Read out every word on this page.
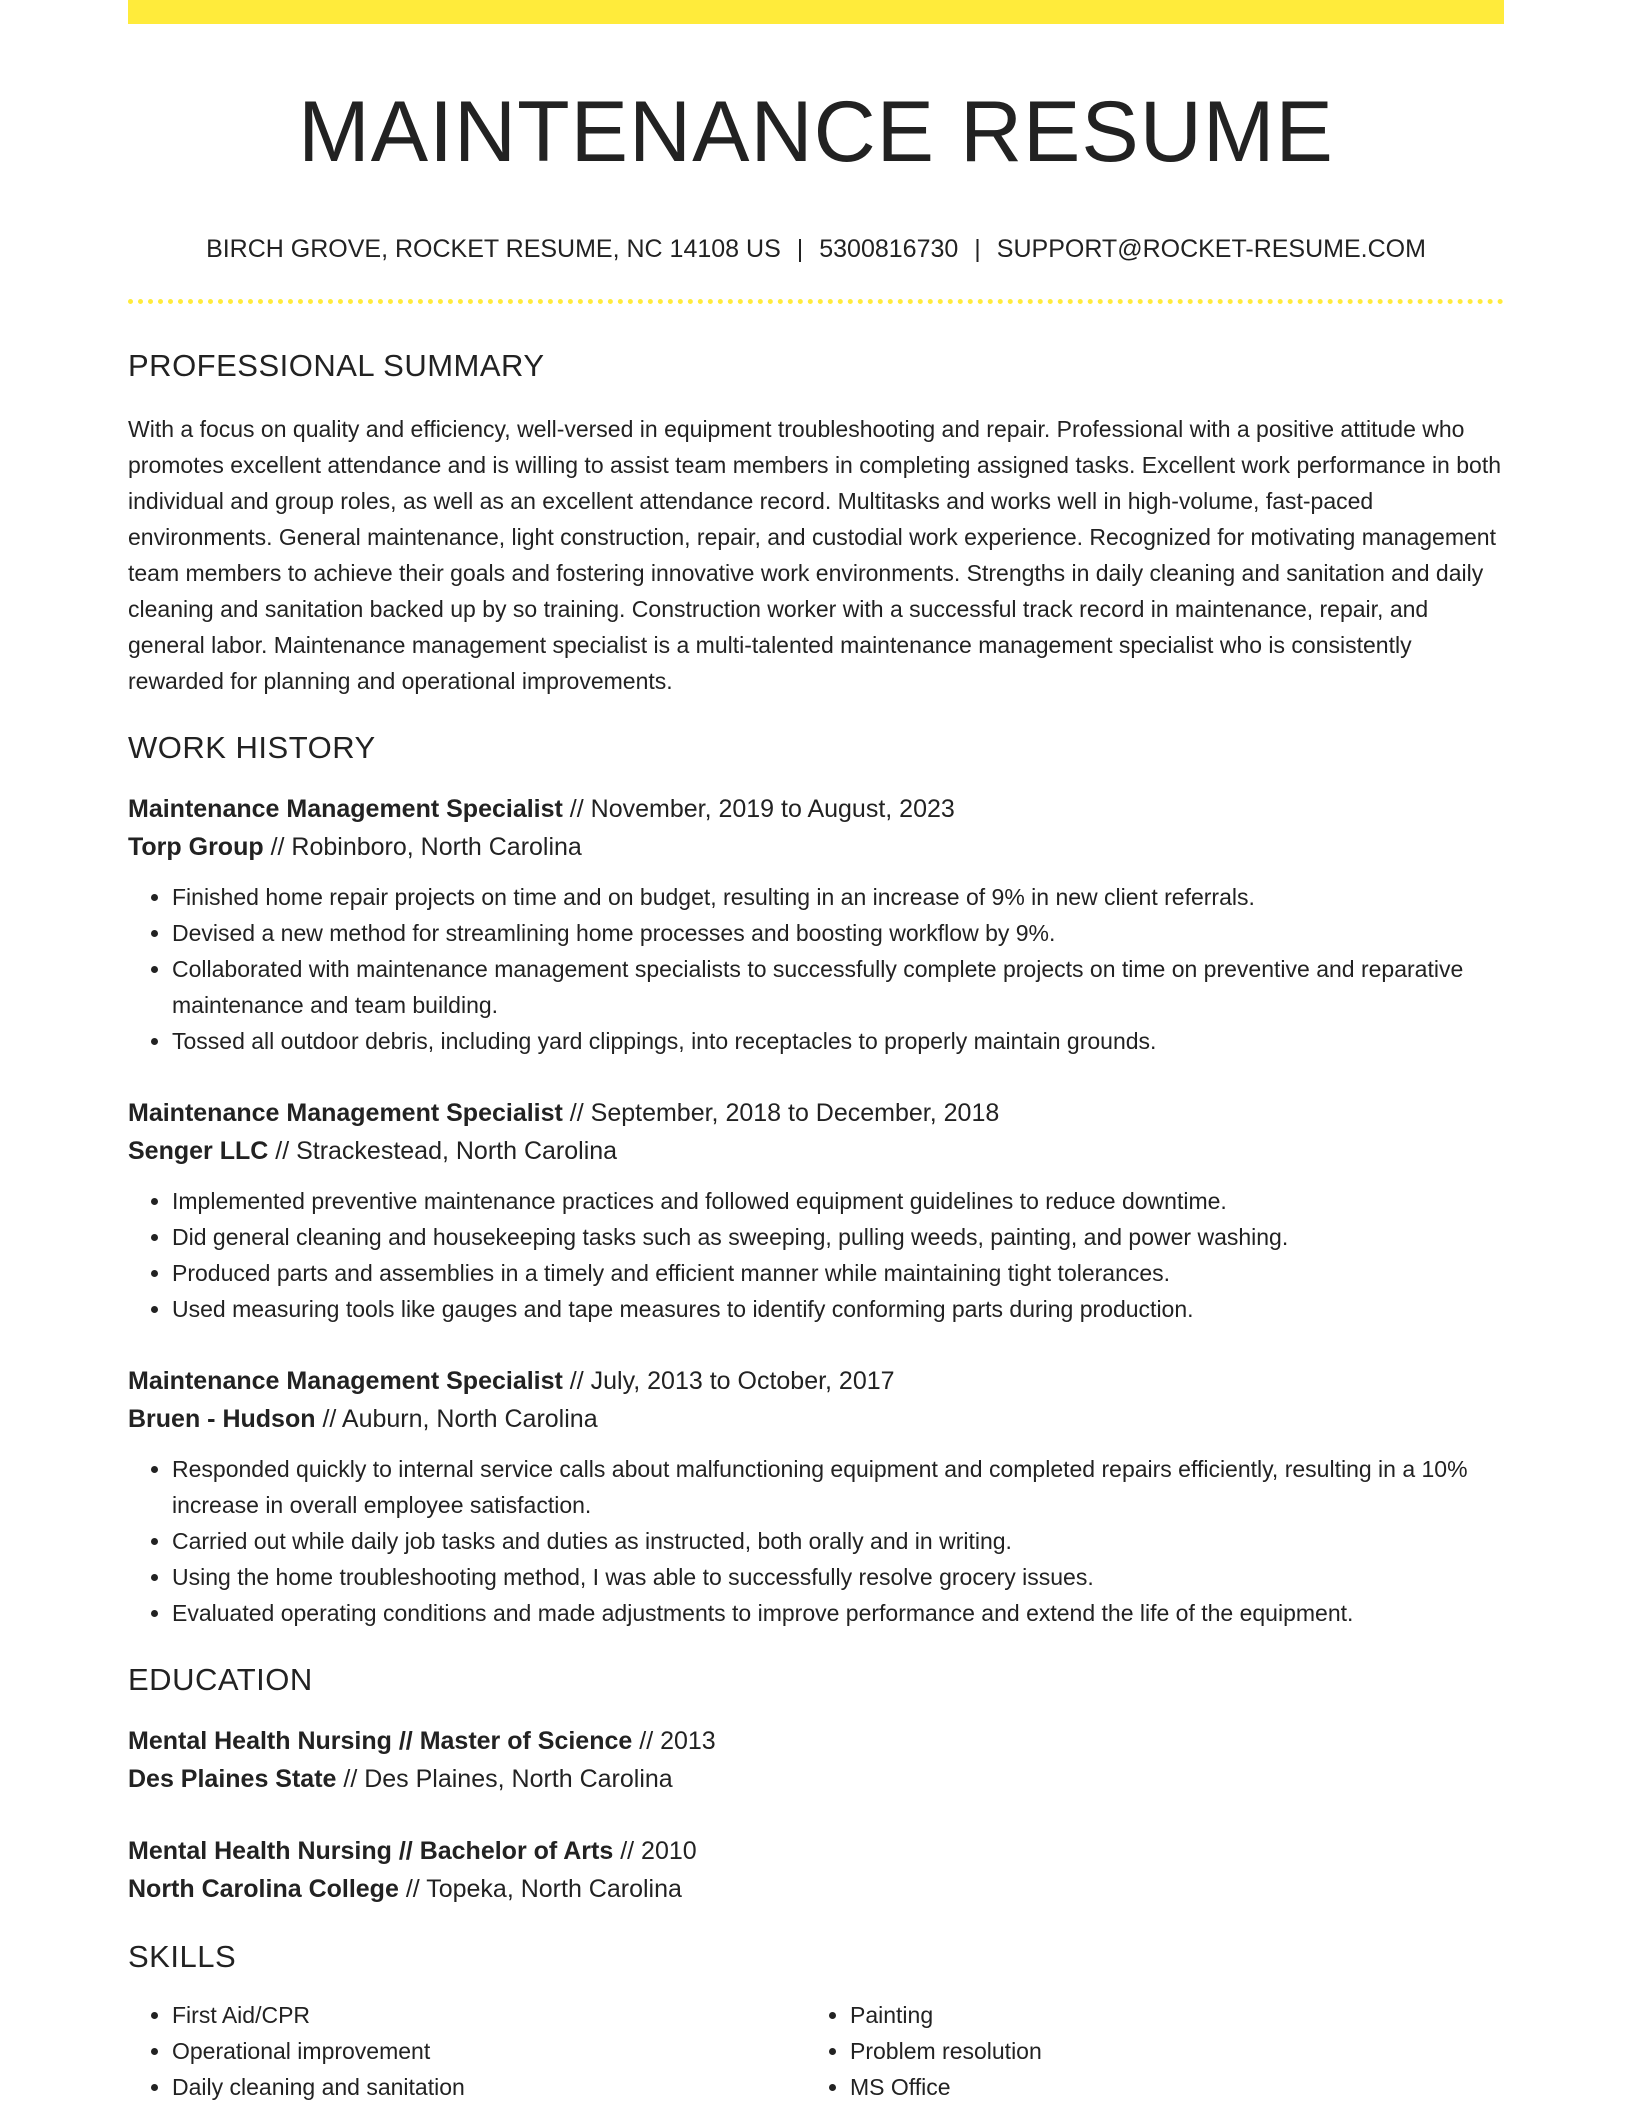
MAINTENANCE RESUME
BIRCH GROVE, ROCKET RESUME, NC 14108 US | 5300816730 | SUPPORT@ROCKET-RESUME.COM
PROFESSIONAL SUMMARY
With a focus on quality and efficiency, well-versed in equipment troubleshooting and repair. Professional with a positive attitude who promotes excellent attendance and is willing to assist team members in completing assigned tasks. Excellent work performance in both individual and group roles, as well as an excellent attendance record. Multitasks and works well in high-volume, fast-paced environments. General maintenance, light construction, repair, and custodial work experience. Recognized for motivating management team members to achieve their goals and fostering innovative work environments. Strengths in daily cleaning and sanitation and daily cleaning and sanitation backed up by so training. Construction worker with a successful track record in maintenance, repair, and general labor. Maintenance management specialist is a multi-talented maintenance management specialist who is consistently rewarded for planning and operational improvements.
WORK HISTORY
Maintenance Management Specialist // November, 2019 to August, 2023
Torp Group // Robinboro, North Carolina
• Finished home repair projects on time and on budget, resulting in an increase of 9% in new client referrals.
• Devised a new method for streamlining home processes and boosting workflow by 9%.
• Collaborated with maintenance management specialists to successfully complete projects on time on preventive and reparative maintenance and team building.
• Tossed all outdoor debris, including yard clippings, into receptacles to properly maintain grounds.
Maintenance Management Specialist // September, 2018 to December, 2018
Senger LLC // Strackestead, North Carolina
• Implemented preventive maintenance practices and followed equipment guidelines to reduce downtime.
• Did general cleaning and housekeeping tasks such as sweeping, pulling weeds, painting, and power washing.
• Produced parts and assemblies in a timely and efficient manner while maintaining tight tolerances.
• Used measuring tools like gauges and tape measures to identify conforming parts during production.
Maintenance Management Specialist // July, 2013 to October, 2017
Bruen - Hudson // Auburn, North Carolina
• Responded quickly to internal service calls about malfunctioning equipment and completed repairs efficiently, resulting in a 10% increase in overall employee satisfaction.
• Carried out while daily job tasks and duties as instructed, both orally and in writing.
• Using the home troubleshooting method, I was able to successfully resolve grocery issues.
• Evaluated operating conditions and made adjustments to improve performance and extend the life of the equipment.
EDUCATION
Mental Health Nursing // Master of Science // 2013
Des Plaines State // Des Plaines, North Carolina
Mental Health Nursing // Bachelor of Arts // 2010
North Carolina College // Topeka, North Carolina
SKILLS
• First Aid/CPR
• Operational improvement
• Daily cleaning and sanitation
• Painting
• Problem resolution
• MS Office
